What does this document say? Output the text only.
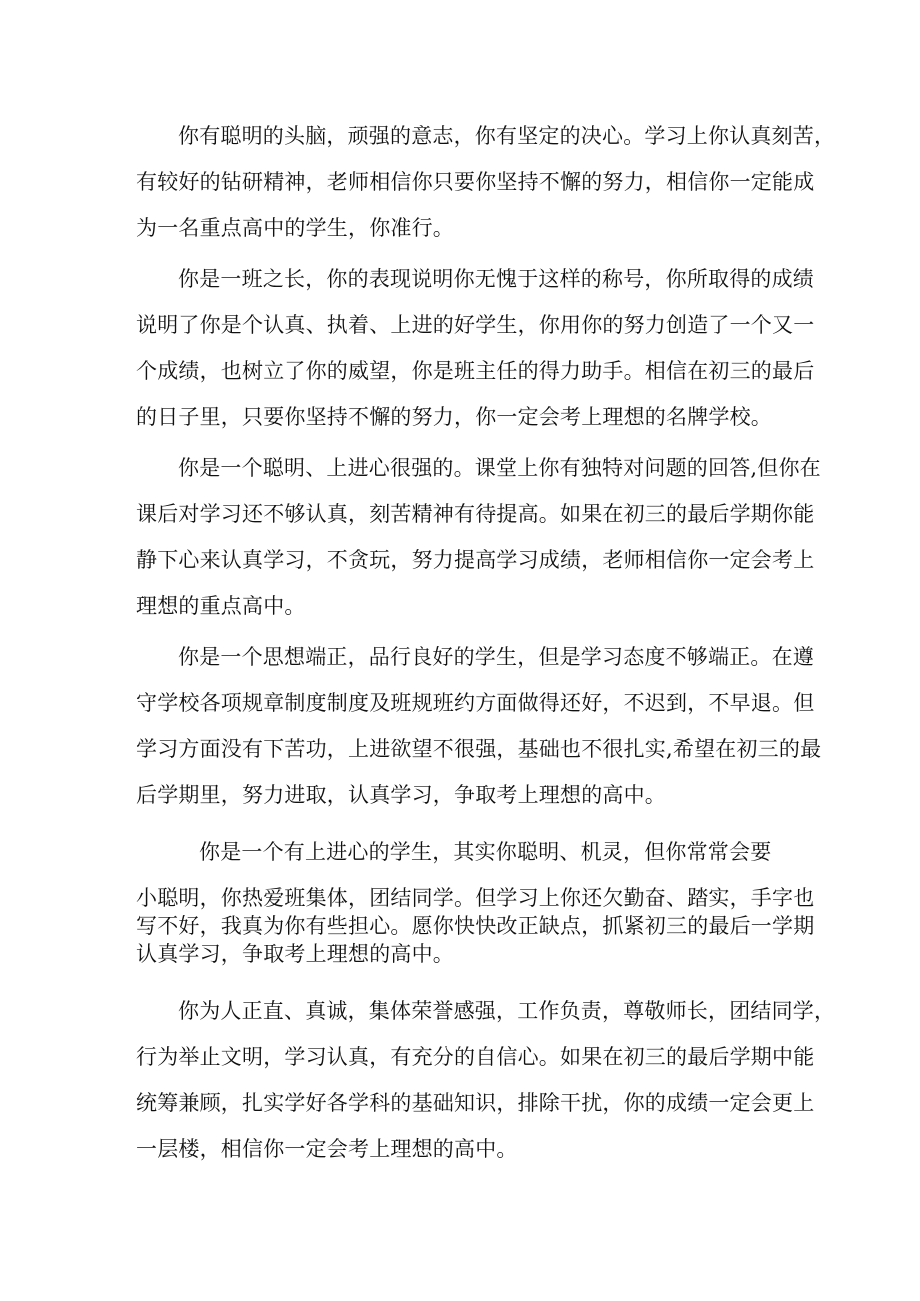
你有聪明的头脑，顽强的意志，你有坚定的决心。学习上你认真刻苦，
有较好的钻研精神，老师相信你只要你坚持不懈的努力，相信你一定能成
为一名重点高中的学生，你准行。
你是一班之长，你的表现说明你无愧于这样的称号，你所取得的成绩
说明了你是个认真、执着、上进的好学生，你用你的努力创造了一个又一
个成绩，也树立了你的威望，你是班主任的得力助手。相信在初三的最后
的日子里，只要你坚持不懈的努力，你一定会考上理想的名牌学校。
你是一个聪明、上进心很强的。课堂上你有独特对问题的回答,但你在
课后对学习还不够认真，刻苦精神有待提高。如果在初三的最后学期你能
静下心来认真学习，不贪玩，努力提高学习成绩，老师相信你一定会考上
理想的重点高中。
你是一个思想端正，品行良好的学生，但是学习态度不够端正。在遵
守学校各项规章制度制度及班规班约方面做得还好，不迟到，不早退。但
学习方面没有下苦功，上进欲望不很强，基础也不很扎实,希望在初三的最
后学期里，努力进取，认真学习，争取考上理想的高中。
你是一个有上进心的学生，其实你聪明、机灵，但你常常会要
小聪明，你热爱班集体，团结同学。但学习上你还欠勤奋、踏实，手字也
写不好，我真为你有些担心。愿你快快改正缺点，抓紧初三的最后一学期
认真学习，争取考上理想的高中。
你为人正直、真诚，集体荣誉感强，工作负责，尊敬师长，团结同学，
行为举止文明，学习认真，有充分的自信心。如果在初三的最后学期中能
统筹兼顾，扎实学好各学科的基础知识，排除干扰，你的成绩一定会更上
一层楼，相信你一定会考上理想的高中。
